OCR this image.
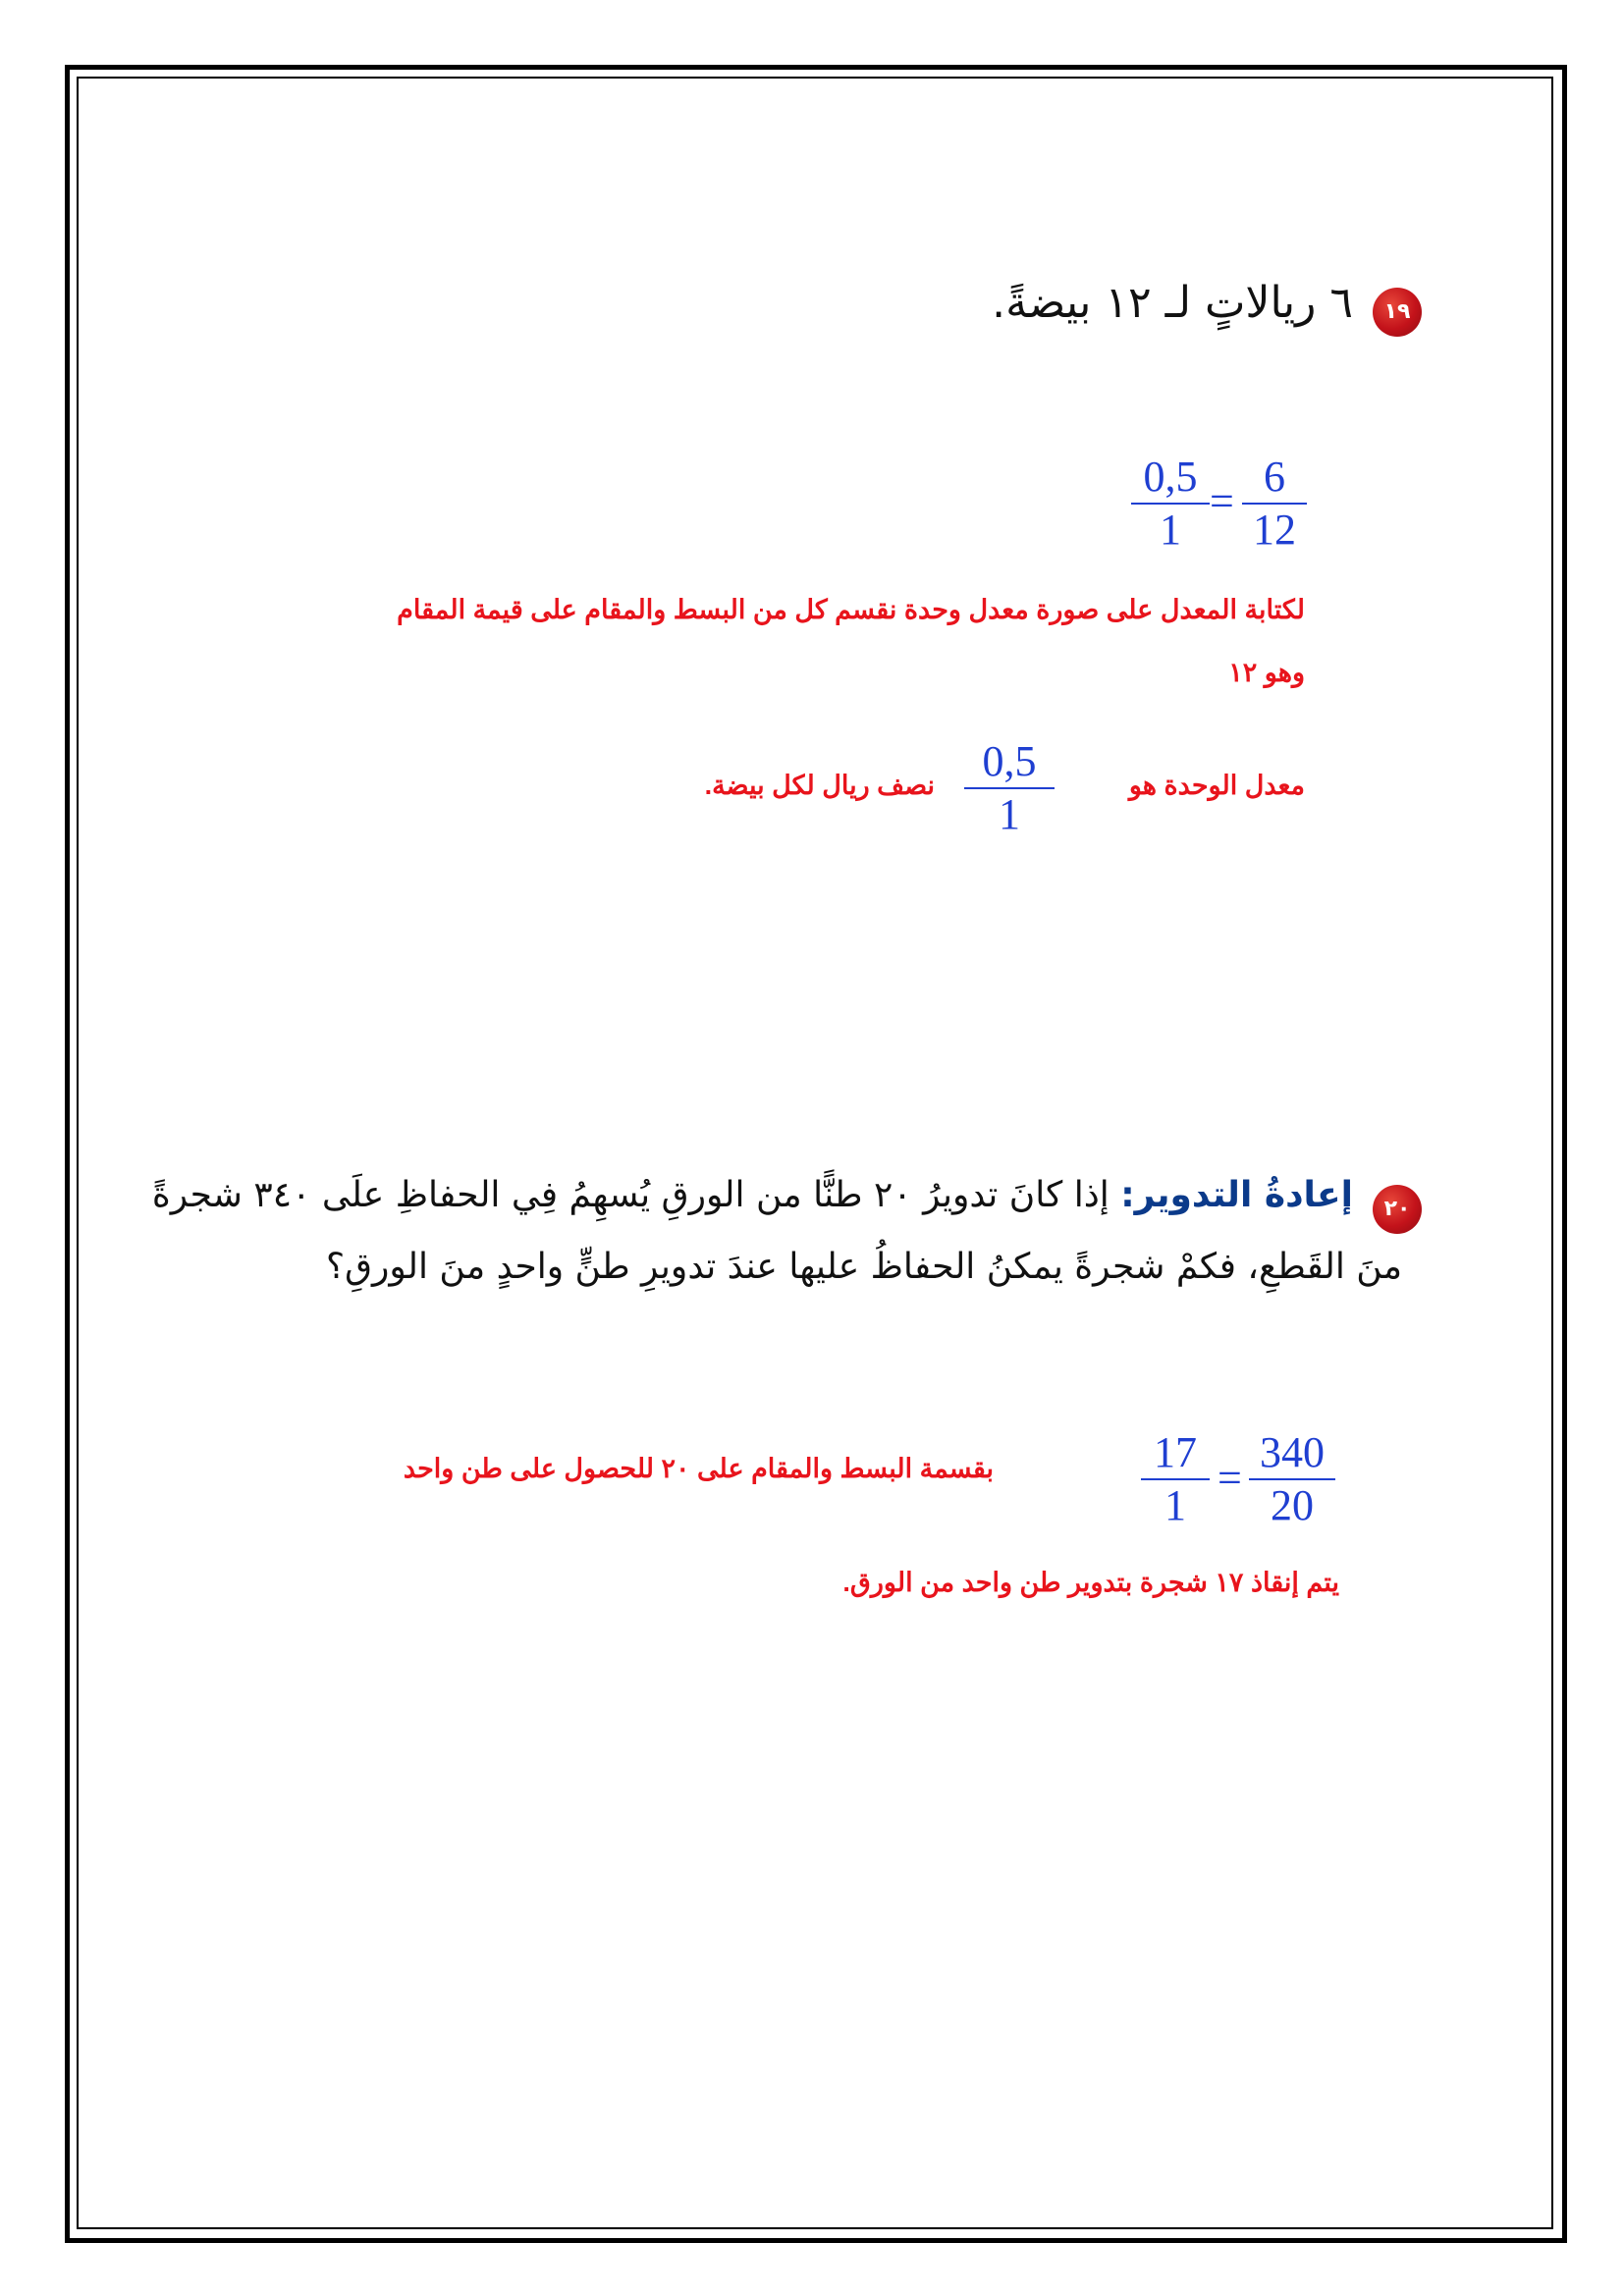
١٩
٦ ريالاتٍ لـ ١٢ بيضةً.
0,5
1
=
6
12
لكتابة المعدل على صورة معدل وحدة نقسم كل من البسط والمقام على قيمة المقام
وهو ١٢
معدل الوحدة هو
0,5
1
نصف ريال لكل بيضة.
٢٠
إعادةُ التدوير: إذا كانَ تدويرُ ٢٠ طنًّا من الورقِ يُسهِمُ فِي الحفاظِ علَى ٣٤٠ شجرةً
منَ القَطعِ، فكمْ شجرةً يمكنُ الحفاظُ عليها عندَ تدويرِ طنٍّ واحدٍ منَ الورقِ؟
17
1
=
340
20
بقسمة البسط والمقام على ٢٠ للحصول على طن واحد
يتم إنقاذ ١٧ شجرة بتدوير طن واحد من الورق.
